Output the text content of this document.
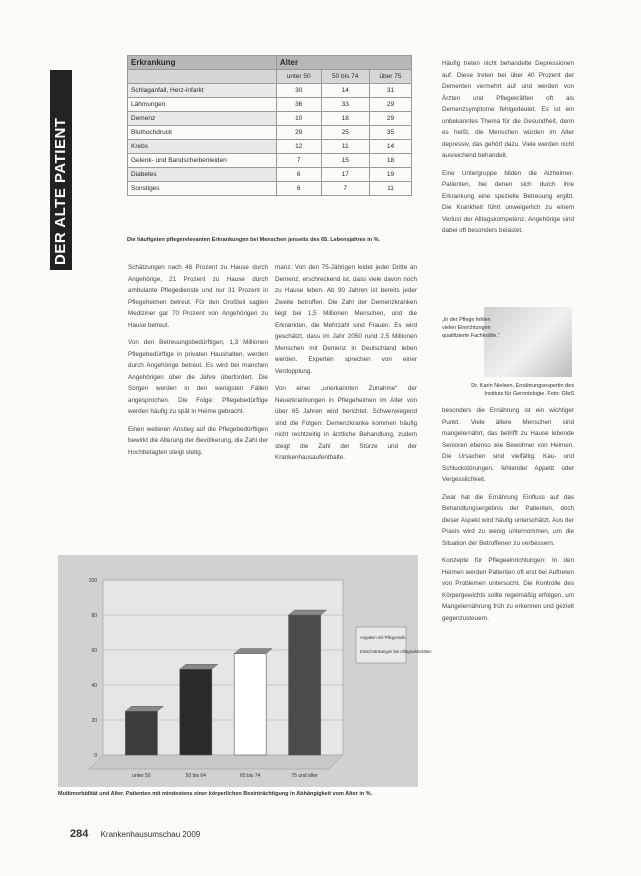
DER ALTE PATIENT
Erkrankung	Alter		
	unter 50	50 bis 74	über 75
Schlaganfall, Herz-infarkt	30	14	31
Lähmungen	36	33	29
Demenz	10	18	29
Bluthochdruck	29	25	35
Krebs	12	11	14
Gelenk- und Bandscheibenleiden	7	15	18
Diabetes	6	17	19
Sonstiges	6	7	11
Die häufigsten pflegerelevanten Erkrankungen bei Menschen jenseits des 65. Lebensjahres in %.

Schätzungen nach 48 Prozent zu Hause durch Angehörige, 21 Prozent zu Hause durch ambulante Pflegedienste und nur 31 Prozent in Pflegeheimen betreut. Für den Großteil sagten Mediziner gar 70 Prozent von Angehörigen zu Hause betreut.

Von den Betreuungsbedürftigen, 1,3 Millionen Pflegebedürftige in privaten Haushalten, werden durch Angehörige betreut. Es wird bei manchen Angehörigen über die Jahre überfordert. Die Sorgen werden in den wenigsten Fällen angesprochen. Die Folge: Pflegebedürftige werden häufig zu spät in Heime gebracht.

Einen weiteren Anstieg auf die Pflegebedürftigen bewirkt die Alterung der Bevölkerung, die Zahl der Hochbetagten steigt stetig.

manz. Von den 75-Jährigen leidet jeder Dritte an Demenz, erschreckend ist, dass viele davon noch zu Hause leben. Ab 90 Jahren ist bereits jeder Zweite betroffen. Die Zahl der Demenzkranken liegt bei 1,5 Millionen Menschen, und die Erkrankten, die Mehrzahl sind Frauen. Es wird geschätzt, dass im Jahr 2050 rund 2,5 Millionen Menschen mit Demenz in Deutschland leben werden. Experten sprechen von einer Verdopplung.

Von einer „unerkannten Zunahme“ der Neuerkrankungen in Pflegeheimen im Alter von über 65 Jahren wird berichtet. Schwerwiegend sind die Folgen: Demenzkranke kommen häufig nicht rechtzeitig in ärztliche Behandlung, zudem steigt die Zahl der Stürze und der Krankenhausaufenthalte.

Häufig treten nicht behandelte Depressionen auf. Diese treten bei über 40 Prozent der Dementen vermehrt auf und werden von Ärzten und Pflegekräften oft als Demenzsymptome fehlgedeutet. Es ist ein unbekanntes Thema für die Gesundheit, denn es heißt, die Menschen würden im Alter depressiv, das gehört dazu. Viele werden nicht ausreichend behandelt.

Eine Untergruppe bilden die Alzheimer-Patienten, bei denen sich durch ihre Erkrankung eine spezielle Betreuung ergibt. Die Krankheit führt unweigerlich zu einem Verlust der Alltagskompetenz. Angehörige sind dabei oft besonders belastet.

„In der Pflege fehlen vielen Einrichtungen qualifizierte Fachkräfte.“
Dr. Karin Nielsen, Ernährungsexpertin des Instituts für Gerontologie. Foto: GfaS

besonders die Ernährung ist ein wichtiger Punkt. Viele ältere Menschen sind mangelernährt, das betrifft zu Hause lebende Senioren ebenso wie Bewohner von Heimen. Die Ursachen sind vielfältig: Kau- und Schluckstörungen, fehlender Appetit oder Vergesslichkeit.

Zwar hat die Ernährung Einfluss auf das Behandlungsergebnis der Patienten, doch dieser Aspekt wird häufig unterschätzt. Aus der Praxis wird zu wenig unternommen, um die Situation der Betroffenen zu verbessern.

Konzepte für Pflegeeinrichtungen: In den Heimen werden Patienten oft erst bei Auftreten von Problemen untersucht. Die Kontrolle des Körpergewichts sollte regelmäßig erfolgen, um Mangelernährung früh zu erkennen und gezielt gegenzusteuern.

0
20
40
60
80
100
unter 50	50 bis 64	65 bis 74	75 und älter
Angaben mit Pflegestufe
Einschränkungen bei Alltagsaktivitäten
Multimorbidität und Alter. Patienten mit mindestens einer körperlichen Beeinträchtigung in Abhängigkeit vom Alter in %.
284 Krankenhausumschau 2009
